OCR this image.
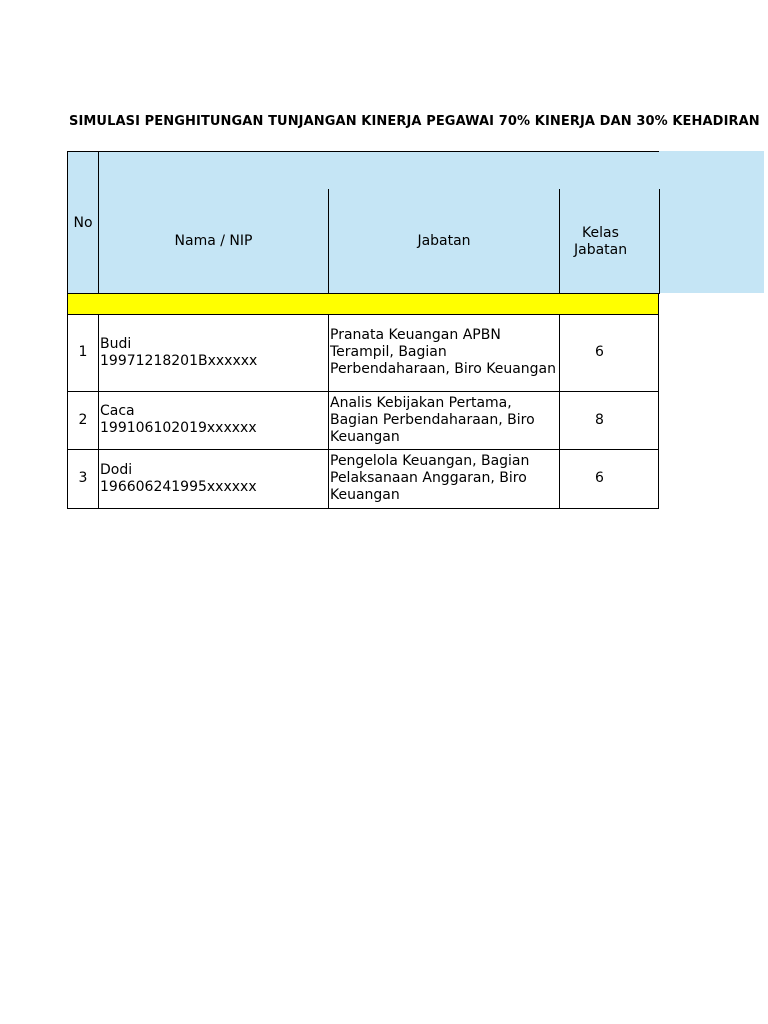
SIMULASI PENGHITUNGAN TUNJANGAN KINERJA PEGAWAI 70% KINERJA DAN 30% KEHADIRAN
No
Nama / NIP	Jabatan
Kelas
Jabatan
1
Budi
19971218201Bxxxxxx
Pranata Keuangan APBN
Terampil, Bagian
Perbendaharaan, Biro Keuangan
6
2
Caca
199106102019xxxxxx
Analis Kebijakan Pertama,
Bagian Perbendaharaan, Biro
Keuangan
8
3
Dodi
196606241995xxxxxx
Pengelola Keuangan, Bagian
Pelaksanaan Anggaran, Biro
Keuangan
6
